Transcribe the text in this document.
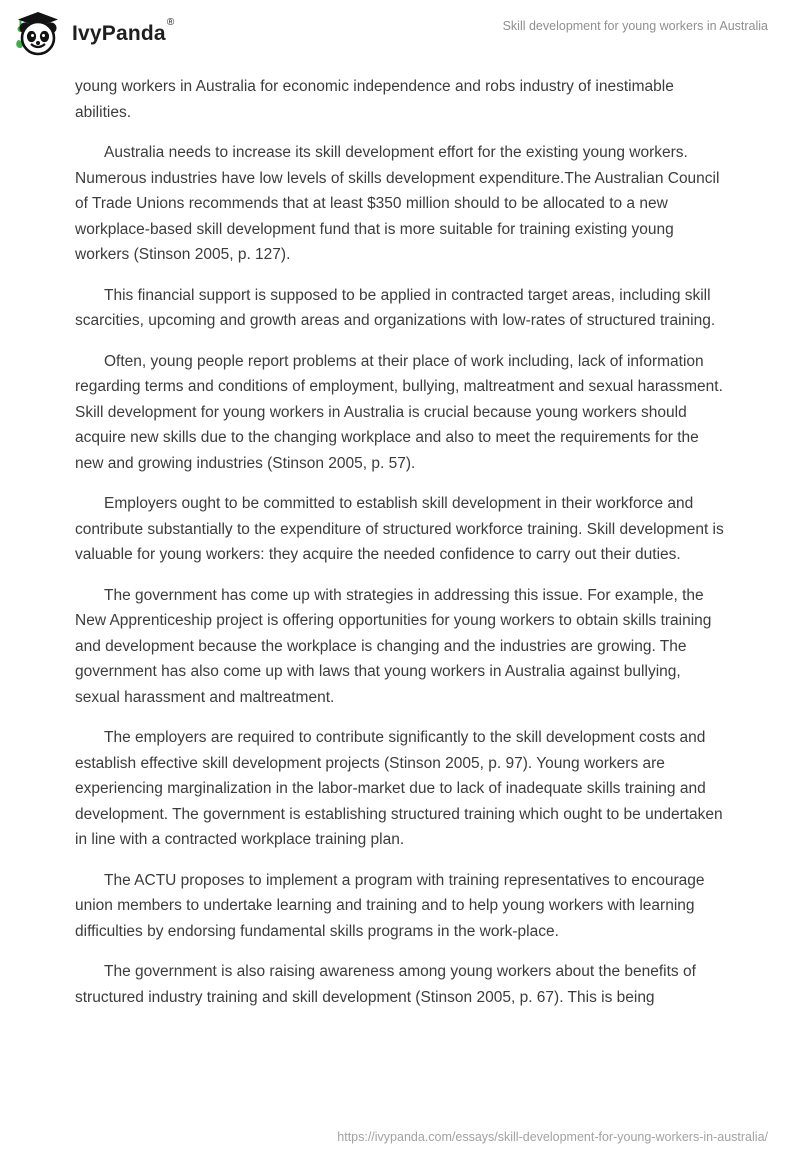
IvyPanda®	Skill development for young workers in Australia

young workers in Australia for economic independence and robs industry of inestimable abilities.

Australia needs to increase its skill development effort for the existing young workers. Numerous industries have low levels of skills development expenditure.The Australian Council of Trade Unions recommends that at least $350 million should to be allocated to a new workplace-based skill development fund that is more suitable for training existing young workers (Stinson 2005, p. 127).

This financial support is supposed to be applied in contracted target areas, including skill scarcities, upcoming and growth areas and organizations with low-rates of structured training.

Often, young people report problems at their place of work including, lack of information regarding terms and conditions of employment, bullying, maltreatment and sexual harassment. Skill development for young workers in Australia is crucial because young workers should acquire new skills due to the changing workplace and also to meet the requirements for the new and growing industries (Stinson 2005, p. 57).

Employers ought to be committed to establish skill development in their workforce and contribute substantially to the expenditure of structured workforce training. Skill development is valuable for young workers: they acquire the needed confidence to carry out their duties.

The government has come up with strategies in addressing this issue. For example, the New Apprenticeship project is offering opportunities for young workers to obtain skills training and development because the workplace is changing and the industries are growing. The government has also come up with laws that young workers in Australia against bullying, sexual harassment and maltreatment.

The employers are required to contribute significantly to the skill development costs and establish effective skill development projects (Stinson 2005, p. 97). Young workers are experiencing marginalization in the labor-market due to lack of inadequate skills training and development. The government is establishing structured training which ought to be undertaken in line with a contracted workplace training plan.

The ACTU proposes to implement a program with training representatives to encourage union members to undertake learning and training and to help young workers with learning difficulties by endorsing fundamental skills programs in the work-place.

The government is also raising awareness among young workers about the benefits of structured industry training and skill development (Stinson 2005, p. 67). This is being

https://ivypanda.com/essays/skill-development-for-young-workers-in-australia/
